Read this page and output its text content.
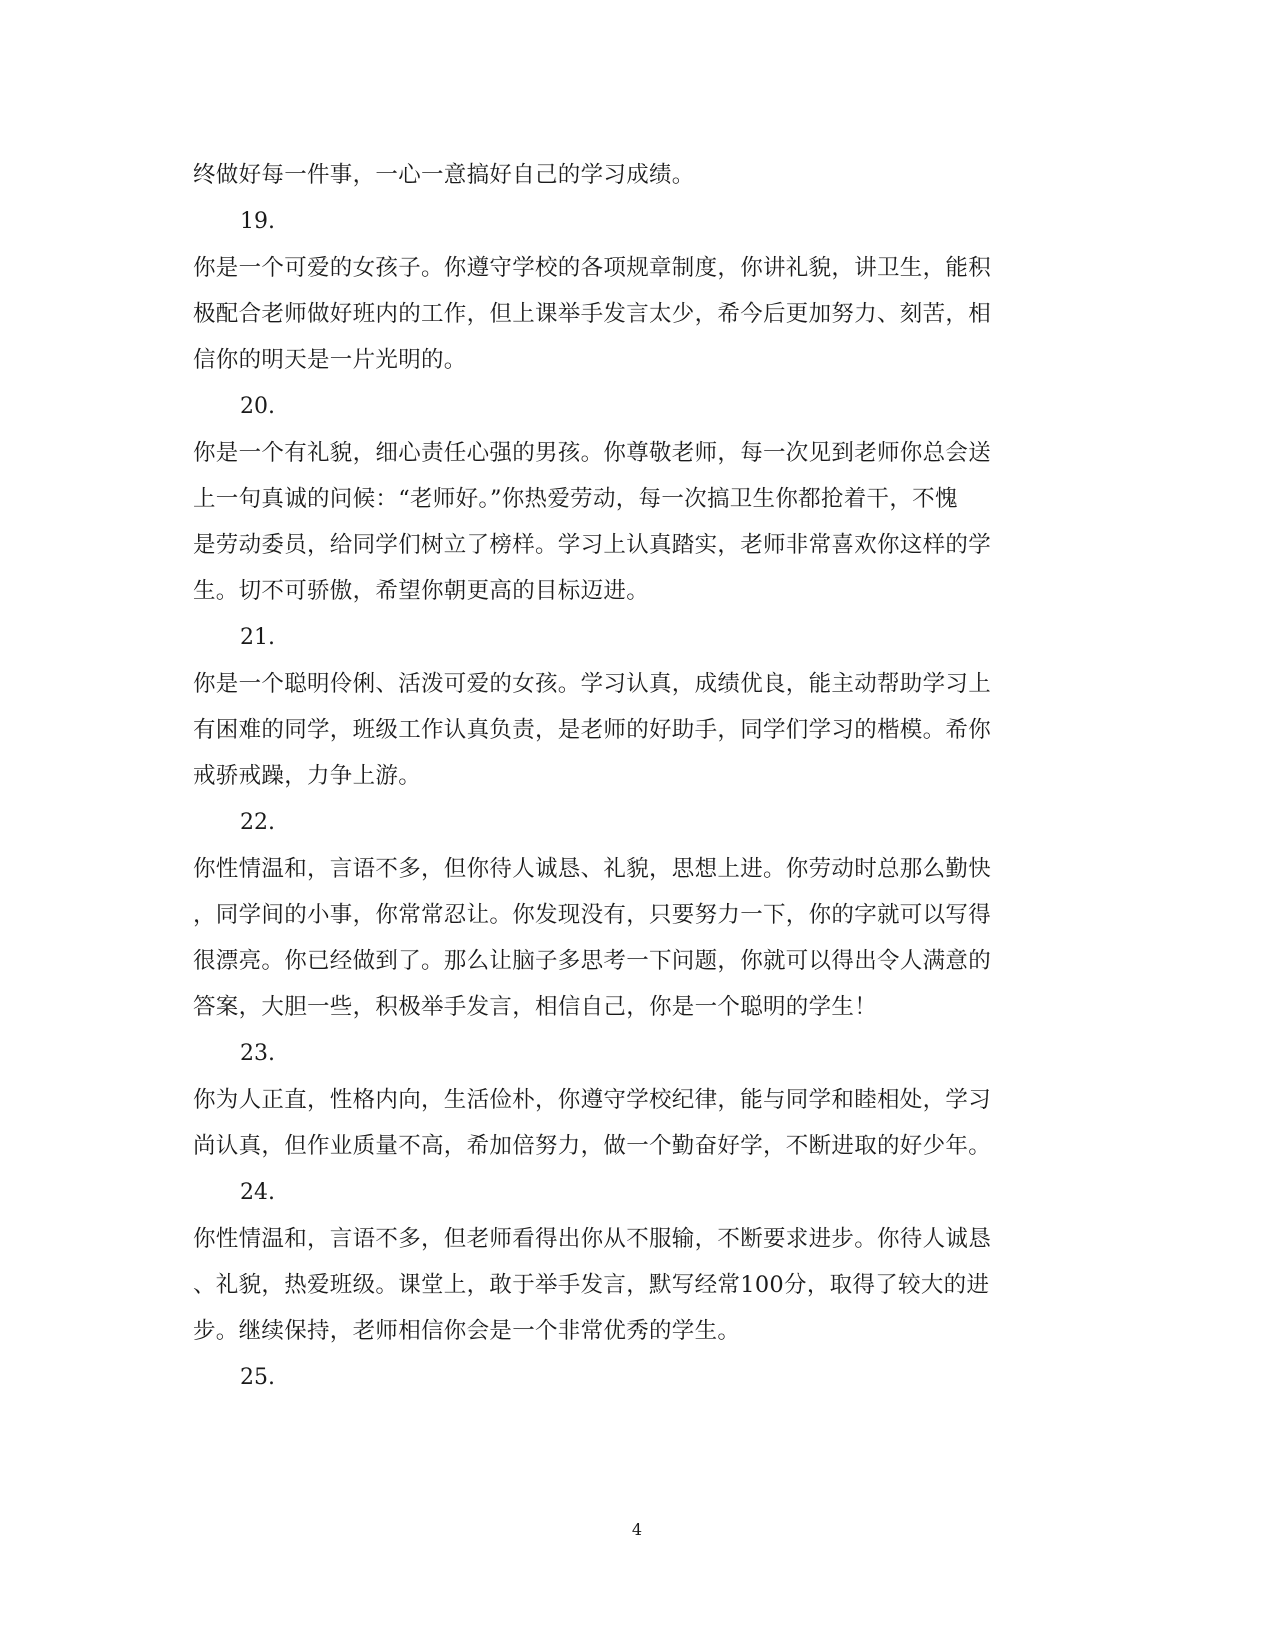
终做好每一件事，一心一意搞好自己的学习成绩。
19.
你是一个可爱的女孩子。你遵守学校的各项规章制度，你讲礼貌，讲卫生，能积
极配合老师做好班内的工作，但上课举手发言太少，希今后更加努力、刻苦，相
信你的明天是一片光明的。
20.
你是一个有礼貌，细心责任心强的男孩。你尊敬老师，每一次见到老师你总会送
上一句真诚的问候：“老师好。”你热爱劳动，每一次搞卫生你都抢着干，不愧
是劳动委员，给同学们树立了榜样。学习上认真踏实，老师非常喜欢你这样的学
生。切不可骄傲，希望你朝更高的目标迈进。
21.
你是一个聪明伶俐、活泼可爱的女孩。学习认真，成绩优良，能主动帮助学习上
有困难的同学，班级工作认真负责，是老师的好助手，同学们学习的楷模。希你
戒骄戒躁，力争上游。
22.
你性情温和，言语不多，但你待人诚恳、礼貌，思想上进。你劳动时总那么勤快
，同学间的小事，你常常忍让。你发现没有，只要努力一下，你的字就可以写得
很漂亮。你已经做到了。那么让脑子多思考一下问题，你就可以得出令人满意的
答案，大胆一些，积极举手发言，相信自己，你是一个聪明的学生！
23.
你为人正直，性格内向，生活俭朴，你遵守学校纪律，能与同学和睦相处，学习
尚认真，但作业质量不高，希加倍努力，做一个勤奋好学，不断进取的好少年。
24.
你性情温和，言语不多，但老师看得出你从不服输，不断要求进步。你待人诚恳
、礼貌，热爱班级。课堂上，敢于举手发言，默写经常100分，取得了较大的进
步。继续保持，老师相信你会是一个非常优秀的学生。
25.
4
